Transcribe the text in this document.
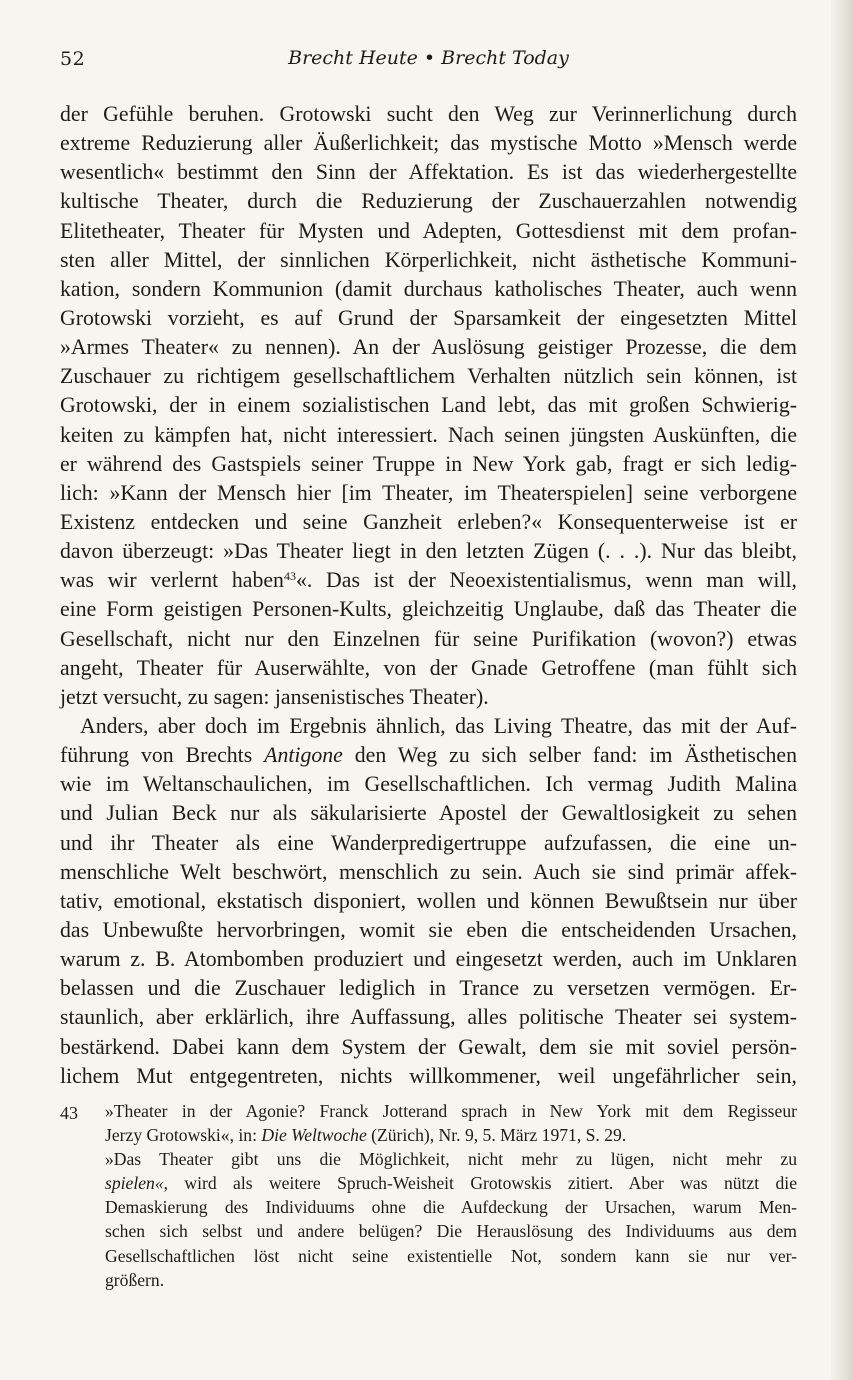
52	Brecht Heute • Brecht Today
der Gefühle beruhen. Grotowski sucht den Weg zur Verinnerlichung durch
extreme Reduzierung aller Äußerlichkeit; das mystische Motto »Mensch werde
wesentlich« bestimmt den Sinn der Affektation. Es ist das wiederhergestellte
kultische Theater, durch die Reduzierung der Zuschauerzahlen notwendig
Elitetheater, Theater für Mysten und Adepten, Gottesdienst mit dem profan-
sten aller Mittel, der sinnlichen Körperlichkeit, nicht ästhetische Kommuni-
kation, sondern Kommunion (damit durchaus katholisches Theater, auch wenn
Grotowski vorzieht, es auf Grund der Sparsamkeit der eingesetzten Mittel
»Armes Theater« zu nennen). An der Auslösung geistiger Prozesse, die dem
Zuschauer zu richtigem gesellschaftlichem Verhalten nützlich sein können, ist
Grotowski, der in einem sozialistischen Land lebt, das mit großen Schwierig-
keiten zu kämpfen hat, nicht interessiert. Nach seinen jüngsten Auskünften, die
er während des Gastspiels seiner Truppe in New York gab, fragt er sich ledig-
lich: »Kann der Mensch hier [im Theater, im Theaterspielen] seine verborgene
Existenz entdecken und seine Ganzheit erleben?« Konsequenterweise ist er
davon überzeugt: »Das Theater liegt in den letzten Zügen (. . .). Nur das bleibt,
was wir verlernt haben$^{43}$«. Das ist der Neoexistentialismus, wenn man will,
eine Form geistigen Personen-Kults, gleichzeitig Unglaube, daß das Theater die
Gesellschaft, nicht nur den Einzelnen für seine Purifikation (wovon?) etwas
angeht, Theater für Auserwählte, von der Gnade Getroffene (man fühlt sich
jetzt versucht, zu sagen: jansenistisches Theater).
Anders, aber doch im Ergebnis ähnlich, das Living Theatre, das mit der Auf-
führung von Brechts Antigone den Weg zu sich selber fand: im Ästhetischen
wie im Weltanschaulichen, im Gesellschaftlichen. Ich vermag Judith Malina
und Julian Beck nur als säkularisierte Apostel der Gewaltlosigkeit zu sehen
und ihr Theater als eine Wanderpredigertruppe aufzufassen, die eine un-
menschliche Welt beschwört, menschlich zu sein. Auch sie sind primär affek-
tativ, emotional, ekstatisch disponiert, wollen und können Bewußtsein nur über
das Unbewußte hervorbringen, womit sie eben die entscheidenden Ursachen,
warum z. B. Atombomben produziert und eingesetzt werden, auch im Unklaren
belassen und die Zuschauer lediglich in Trance zu versetzen vermögen. Er-
staunlich, aber erklärlich, ihre Auffassung, alles politische Theater sei system-
bestärkend. Dabei kann dem System der Gewalt, dem sie mit soviel persön-
lichem Mut entgegentreten, nichts willkommener, weil ungefährlicher sein,
43 »Theater in der Agonie? Franck Jotterand sprach in New York mit dem Regisseur
Jerzy Grotowski«, in: Die Weltwoche (Zürich), Nr. 9, 5. März 1971, S. 29.
»Das Theater gibt uns die Möglichkeit, nicht mehr zu lügen, nicht mehr zu
spielen«, wird als weitere Spruch-Weisheit Grotowskis zitiert. Aber was nützt die
Demaskierung des Individuums ohne die Aufdeckung der Ursachen, warum Men-
schen sich selbst und andere belügen? Die Herauslösung des Individuums aus dem
Gesellschaftlichen löst nicht seine existentielle Not, sondern kann sie nur ver-
größern.
